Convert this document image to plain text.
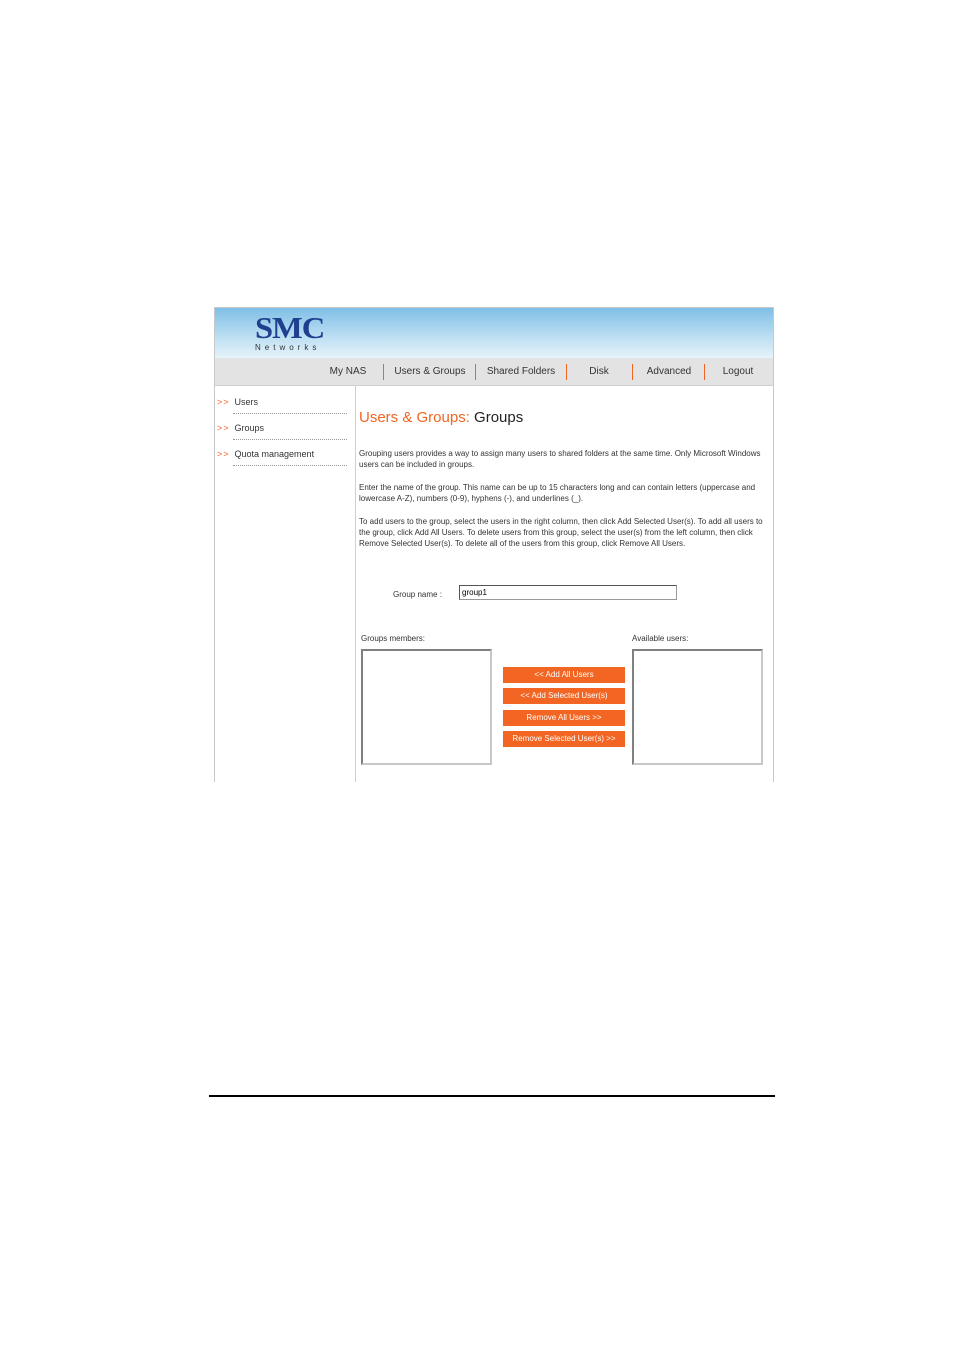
SMC
Networks
My NAS	Users & Groups	Shared Folders	Disk	Advanced	Logout
>> Users
>> Groups
>> Quota management
Users & Groups: Groups
Grouping users provides a way to assign many users to shared folders at the same time. Only Microsoft Windows users can be included in groups.
Enter the name of the group. This name can be up to 15 characters long and can contain letters (uppercase and lowercase A-Z), numbers (0-9), hyphens (-), and underlines (_).
To add users to the group, select the users in the right column, then click Add Selected User(s). To add all users to the group, click Add All Users. To delete users from this group, select the user(s) from the left column, then click Remove Selected User(s). To delete all of the users from this group, click Remove All Users.
Group name :
group1
Groups members:	Available users:
<< Add All Users
<< Add Selected User(s)
Remove All Users >>
Remove Selected User(s) >>
